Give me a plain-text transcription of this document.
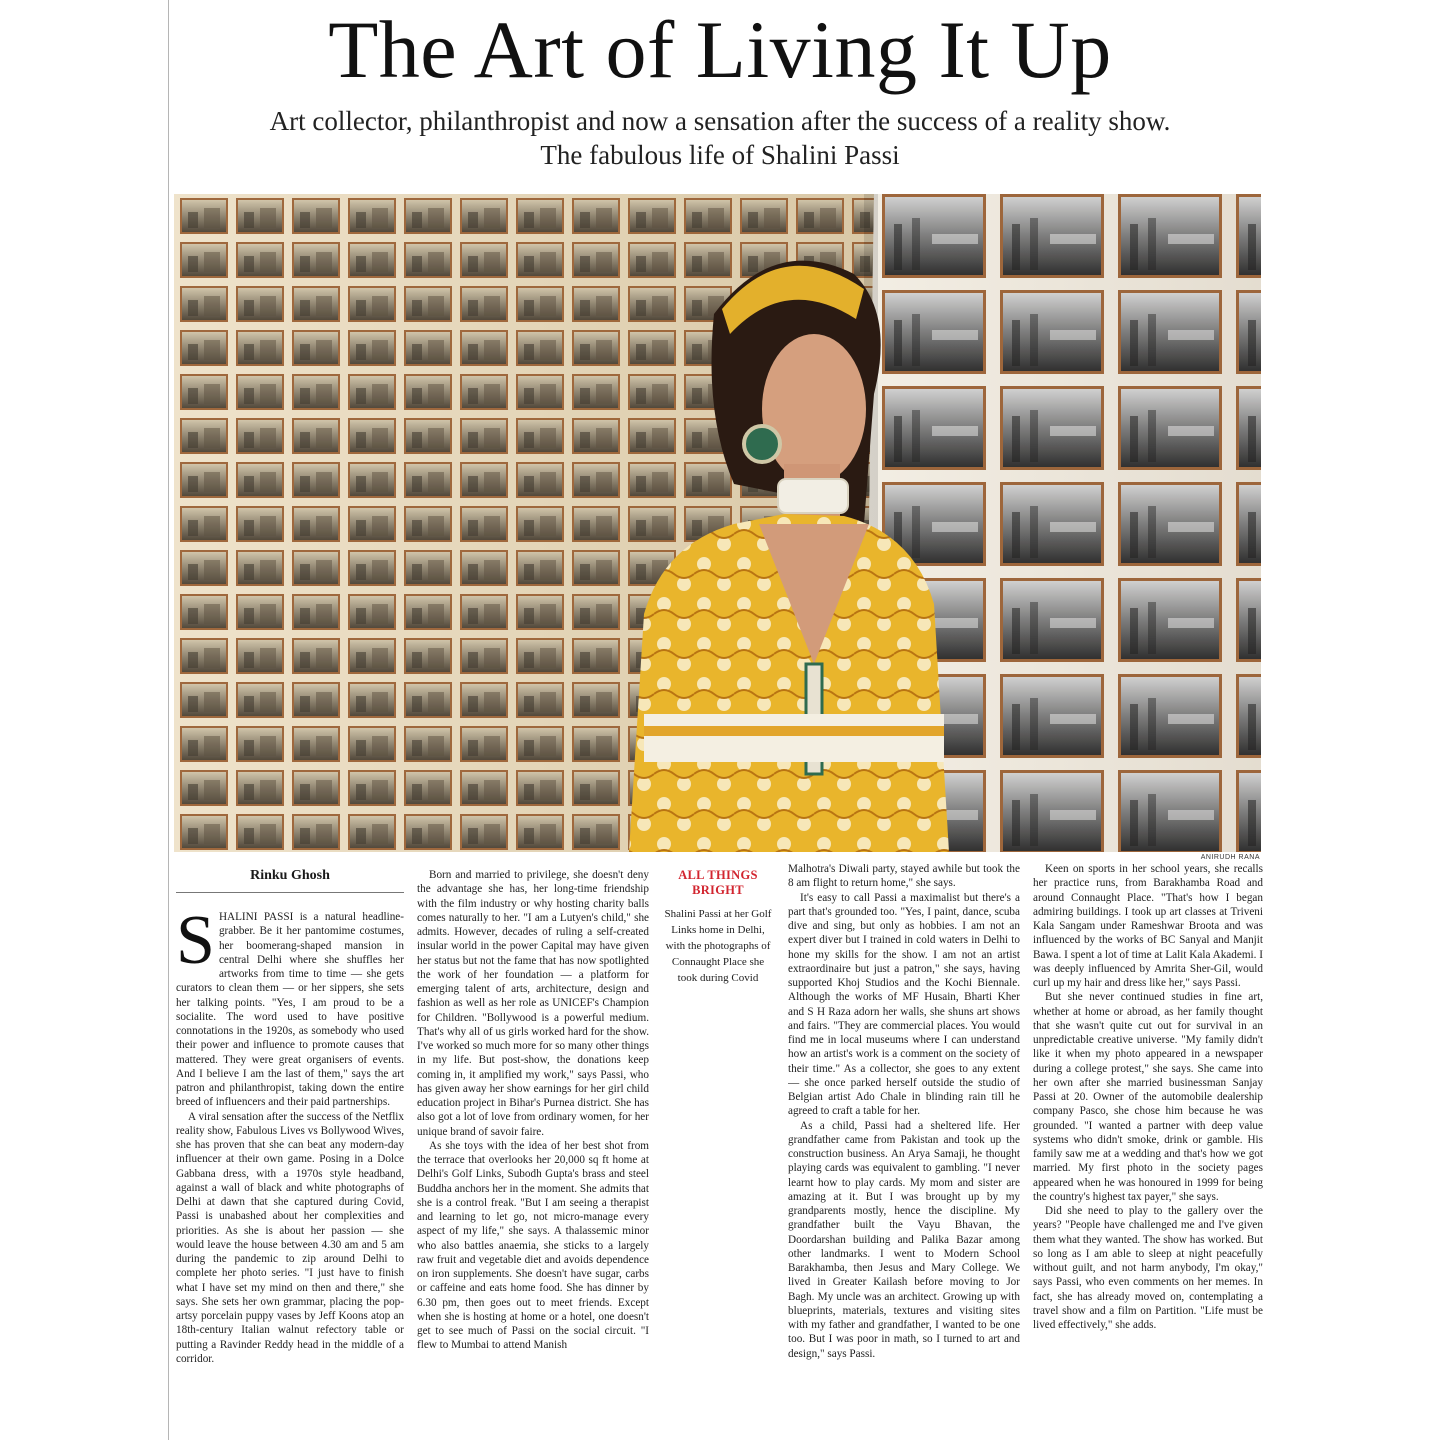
The Art of Living It Up
Art collector, philanthropist and now a sensation after the success of a reality show.
The fabulous life of Shalini Passi
ANIRUDH RANA
Rinku Ghosh
S HALINI PASSI is a natural headline-grabber. Be it her pantomime costumes, her boomerang-shaped mansion in central Delhi where she shuffles her artworks from time to time — she gets curators to clean them — or her sippers, she sets her talking points. "Yes, I am proud to be a socialite. The word used to have positive connotations in the 1920s, as somebody who used their power and influence to promote causes that mattered. They were great organisers of events. And I believe I am the last of them," says the art patron and philanthropist, taking down the entire breed of influencers and their paid partnerships.

A viral sensation after the success of the Netflix reality show, Fabulous Lives vs Bollywood Wives, she has proven that she can beat any modern-day influencer at their own game. Posing in a Dolce Gabbana dress, with a 1970s style headband, against a wall of black and white photographs of Delhi at dawn that she captured during Covid, Passi is unabashed about her complexities and priorities. As she is about her passion — she would leave the house between 4.30 am and 5 am during the pandemic to zip around Delhi to complete her photo series. "I just have to finish what I have set my mind on then and there," she says. She sets her own grammar, placing the pop-artsy porcelain puppy vases by Jeff Koons atop an 18th-century Italian walnut refectory table or putting a Ravinder Reddy head in the middle of a corridor.

Born and married to privilege, she doesn't deny the advantage she has, her long-time friendship with the film industry or why hosting charity balls comes naturally to her. "I am a Lutyen's child," she admits. However, decades of ruling a self-created insular world in the power Capital may have given her status but not the fame that has now spotlighted the work of her foundation — a platform for emerging talent of arts, architecture, design and fashion as well as her role as UNICEF's Champion for Children. "Bollywood is a powerful medium. That's why all of us girls worked hard for the show. I've worked so much more for so many other things in my life. But post-show, the donations keep coming in, it amplified my work," says Passi, who has given away her show earnings for her girl child education project in Bihar's Purnea district. She has also got a lot of love from ordinary women, for her unique brand of savoir faire.

As she toys with the idea of her best shot from the terrace that overlooks her 20,000 sq ft home at Delhi's Golf Links, Subodh Gupta's brass and steel Buddha anchors her in the moment. She admits that she is a control freak. "But I am seeing a therapist and learning to let go, not micro-manage every aspect of my life," she says. A thalassemic minor who also battles anaemia, she sticks to a largely raw fruit and vegetable diet and avoids dependence on iron supplements. She doesn't have sugar, carbs or caffeine and eats home food. She has dinner by 6.30 pm, then goes out to meet friends. Except when she is hosting at home or a hotel, one doesn't get to see much of Passi on the social circuit. "I flew to Mumbai to attend Manish

ALL THINGS BRIGHT
Shalini Passi at her Golf Links home in Delhi, with the photographs of Connaught Place she took during Covid

Malhotra's Diwali party, stayed awhile but took the 8 am flight to return home," she says.

It's easy to call Passi a maximalist but there's a part that's grounded too. "Yes, I paint, dance, scuba dive and sing, but only as hobbies. I am not an expert diver but I trained in cold waters in Delhi to hone my skills for the show. I am not an artist extraordinaire but just a patron," she says, having supported Khoj Studios and the Kochi Biennale. Although the works of MF Husain, Bharti Kher and S H Raza adorn her walls, she shuns art shows and fairs. "They are commercial places. You would find me in local museums where I can understand how an artist's work is a comment on the society of their time." As a collector, she goes to any extent — she once parked herself outside the studio of Belgian artist Ado Chale in blinding rain till he agreed to craft a table for her.

As a child, Passi had a sheltered life. Her grandfather came from Pakistan and took up the construction business. An Arya Samaji, he thought playing cards was equivalent to gambling. "I never learnt how to play cards. My mom and sister are amazing at it. But I was brought up by my grandparents mostly, hence the discipline. My grandfather built the Vayu Bhavan, the Doordarshan building and Palika Bazar among other landmarks. I went to Modern School Barakhamba, then Jesus and Mary College. We lived in Greater Kailash before moving to Jor Bagh. My uncle was an architect. Growing up with blueprints, materials, textures and visiting sites with my father and grandfather, I wanted to be one too. But I was poor in math, so I turned to art and design," says Passi.

Keen on sports in her school years, she recalls her practice runs, from Barakhamba Road and around Connaught Place. "That's how I began admiring buildings. I took up art classes at Triveni Kala Sangam under Rameshwar Broota and was influenced by the works of BC Sanyal and Manjit Bawa. I spent a lot of time at Lalit Kala Akademi. I was deeply influenced by Amrita Sher-Gil, would curl up my hair and dress like her," says Passi.

But she never continued studies in fine art, whether at home or abroad, as her family thought that she wasn't quite cut out for survival in an unpredictable creative universe. "My family didn't like it when my photo appeared in a newspaper during a college protest," she says. She came into her own after she married businessman Sanjay Passi at 20. Owner of the automobile dealership company Pasco, she chose him because he was grounded. "I wanted a partner with deep value systems who didn't smoke, drink or gamble. His family saw me at a wedding and that's how we got married. My first photo in the society pages appeared when he was honoured in 1999 for being the country's highest tax payer," she says.

Did she need to play to the gallery over the years? "People have challenged me and I've given them what they wanted. The show has worked. But so long as I am able to sleep at night peacefully without guilt, and not harm anybody, I'm okay," says Passi, who even comments on her memes. In fact, she has already moved on, contemplating a travel show and a film on Partition. "Life must be lived effectively," she adds.
